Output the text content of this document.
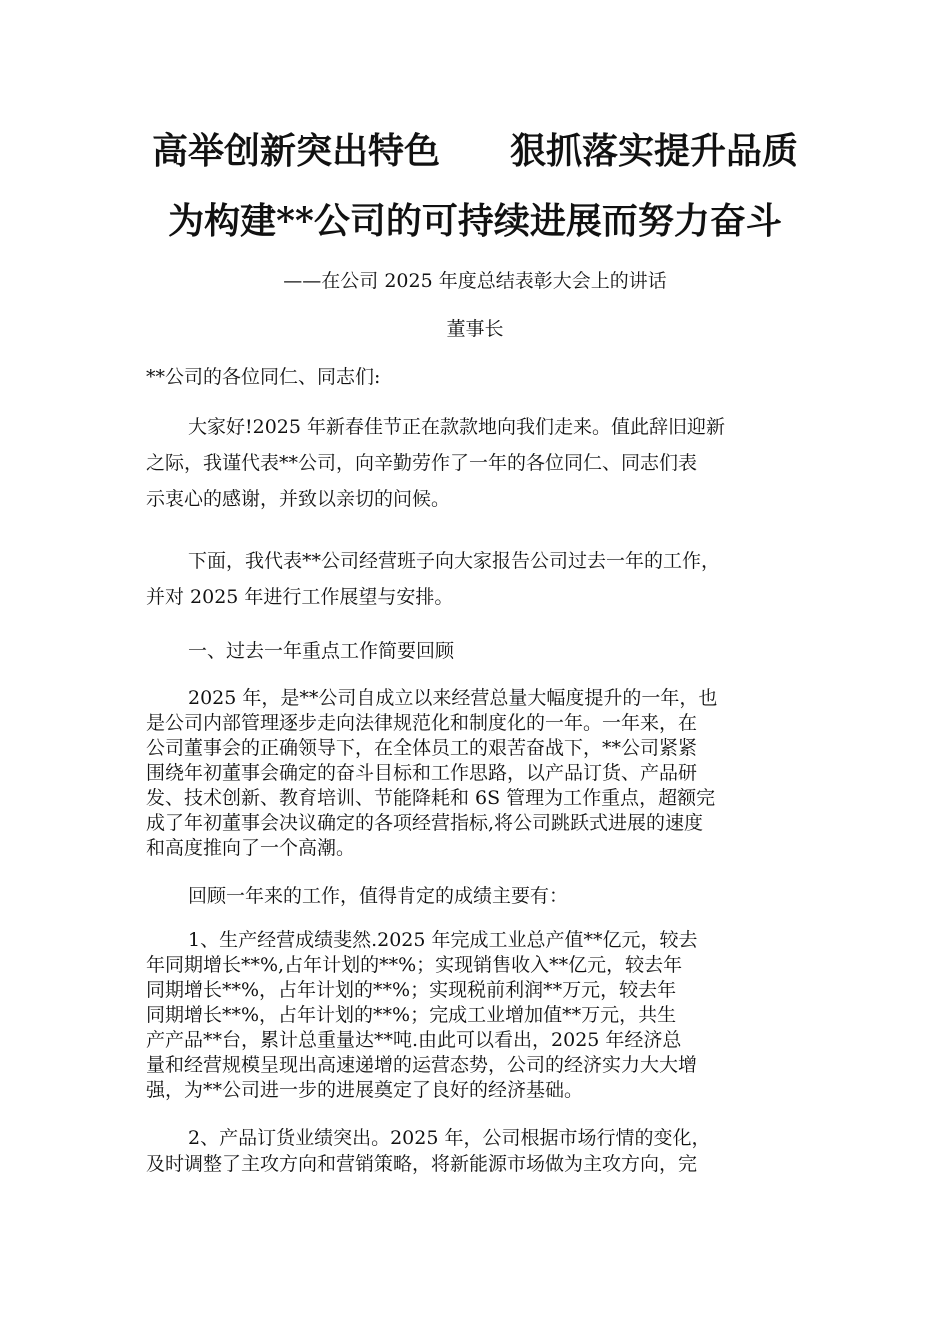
高举创新突出特色 狠抓落实提升品质
为构建**公司的可持续进展而努力奋斗
——在公司 2025 年度总结表彰大会上的讲话
董事长
**公司的各位同仁、同志们:
大家好!2025 年新春佳节正在款款地向我们走来。值此辞旧迎新
之际，我谨代表**公司，向辛勤劳作了一年的各位同仁、同志们表
示衷心的感谢，并致以亲切的问候。
下面，我代表**公司经营班子向大家报告公司过去一年的工作，
并对 2025 年进行工作展望与安排。
一、过去一年重点工作简要回顾
2025 年，是**公司自成立以来经营总量大幅度提升的一年，也
是公司内部管理逐步走向法律规范化和制度化的一年。一年来，在
公司董事会的正确领导下，在全体员工的艰苦奋战下，**公司紧紧
围绕年初董事会确定的奋斗目标和工作思路，以产品订货、产品研
发、技术创新、教育培训、节能降耗和 6S 管理为工作重点，超额完
成了年初董事会决议确定的各项经营指标,将公司跳跃式进展的速度
和高度推向了一个高潮。
回顾一年来的工作，值得肯定的成绩主要有：
1、生产经营成绩斐然.2025 年完成工业总产值**亿元，较去
年同期增长**%,占年计划的**%；实现销售收入**亿元，较去年
同期增长**%，占年计划的**%；实现税前利润**万元，较去年
同期增长**%，占年计划的**%；完成工业增加值**万元，共生
产产品**台，累计总重量达**吨.由此可以看出，2025 年经济总
量和经营规模呈现出高速递增的运营态势，公司的经济实力大大增
强，为**公司进一步的进展奠定了良好的经济基础。
2、产品订货业绩突出。2025 年，公司根据市场行情的变化，
及时调整了主攻方向和营销策略，将新能源市场做为主攻方向，完
